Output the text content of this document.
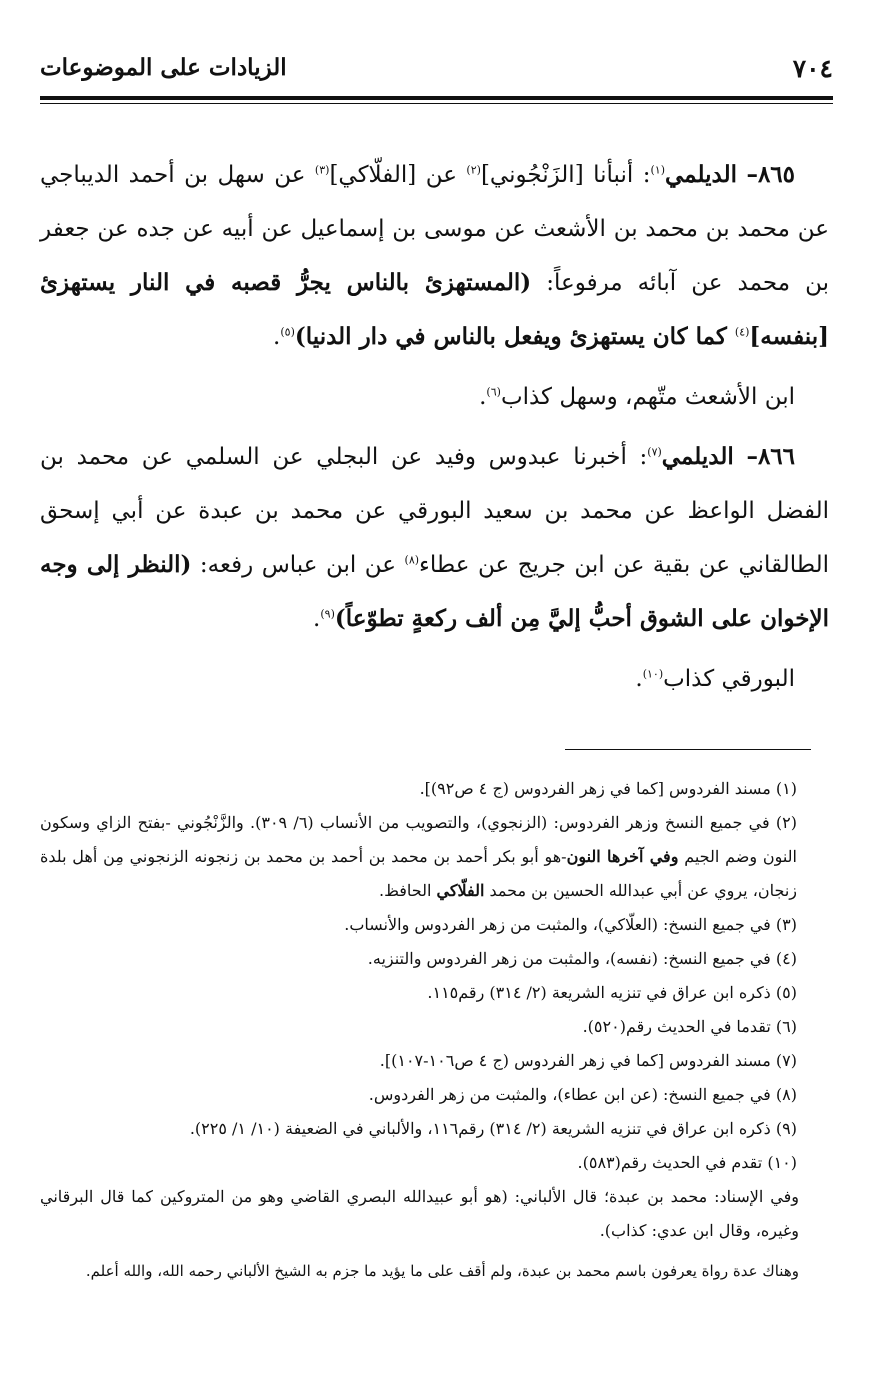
٧٠٤
الزيادات على الموضوعات

٨٦٥– الديلمي$^{(١)}$: أنبأنا [الزَنْجُوني]$^{(٢)}$ عن [الفلّاكي]$^{(٣)}$ عن سهل بن أحمد الديباجي عن محمد بن محمد بن الأشعث عن موسى بن إسماعيل عن أبيه عن جده عن جعفر بن محمد عن آبائه مرفوعاً: (المستهزئ بالناس يجرُّ قصبه في النار يستهزئ [بنفسه]$^{(٤)}$ كما كان يستهزئ ويفعل بالناس في دار الدنيا)$^{(٥)}$.

ابن الأشعث متّهم، وسهل كذاب$^{(٦)}$.

٨٦٦– الديلمي$^{(٧)}$: أخبرنا عبدوس وفيد عن البجلي عن السلمي عن محمد بن الفضل الواعظ عن محمد بن سعيد البورقي عن محمد بن عبدة عن أبي إسحق الطالقاني عن بقية عن ابن جريج عن عطاء$^{(٨)}$ عن ابن عباس رفعه: (النظر إلى وجه الإخوان على الشوق أحبُّ إليَّ مِن ألف ركعةٍ تطوّعاً)$^{(٩)}$.

البورقي كذاب$^{(١٠)}$.

(١) مسند الفردوس [كما في زهر الفردوس (ج ٤ ص٩٢)].

(٢) في جميع النسخ وزهر الفردوس: (الزنجوي)، والتصويب من الأنساب (٦/ ٣٠٩). والزَّنْجُوني -بفتح الزاي وسكون النون وضم الجيم وفي آخرها النون-هو أبو بكر أحمد بن محمد بن أحمد بن محمد بن زنجونه الزنجوني مِن أهل بلدة زنجان، يروي عن أبي عبدالله الحسين بن محمد الفلّاكي الحافظ.

(٣) في جميع النسخ: (العلّاكي)، والمثبت من زهر الفردوس والأنساب.

(٤) في جميع النسخ: (نفسه)، والمثبت من زهر الفردوس والتنزيه.

(٥) ذكره ابن عراق في تنزيه الشريعة (٢/ ٣١٤) رقم١١٥.

(٦) تقدما في الحديث رقم(٥٢٠).

(٧) مسند الفردوس [كما في زهر الفردوس (ج ٤ ص١٠٦-١٠٧)].

(٨) في جميع النسخ: (عن ابن عطاء)، والمثبت من زهر الفردوس.

(٩) ذكره ابن عراق في تنزيه الشريعة (٢/ ٣١٤) رقم١١٦، والألباني في الضعيفة (١٠/ ١/ ٢٢٥).

(١٠) تقدم في الحديث رقم(٥٨٣).

وفي الإسناد: محمد بن عبدة؛ قال الألباني: (هو أبو عبيدالله البصري القاضي وهو من المتروكين كما قال البرقاني وغيره، وقال ابن عدي: كذاب).

وهناك عدة رواة يعرفون باسم محمد بن عبدة، ولم أقف على ما يؤيد ما جزم به الشيخ الألباني رحمه الله، والله أعلم.
